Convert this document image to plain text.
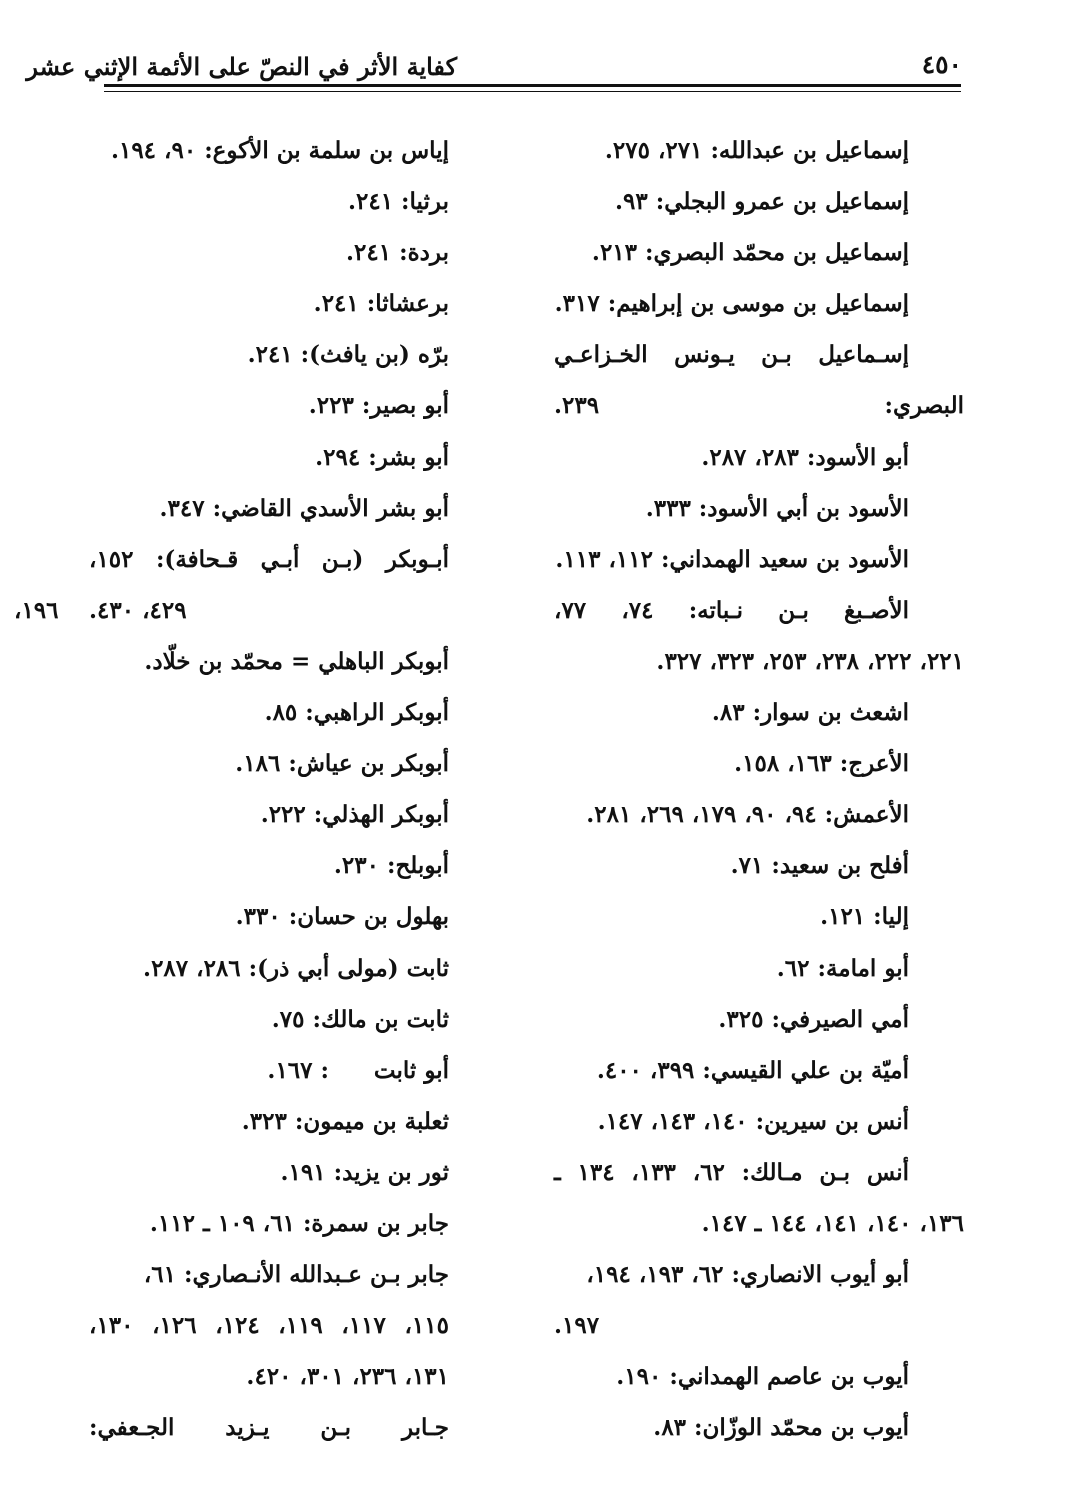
كفاية الأثر في النصّ على الأئمة الإثني عشر	٤٥٠
إسماعيل بن عبدالله: ٢٧١، ٢٧٥.
إسماعيل بن عمرو البجلي: ٩٣.
إسماعيل بن محمّد البصري: ٢١٣.
إسماعيل بن موسى بن إبراهيم: ٣١٧.
إسـماعيل بـن يـونس الخـزاعـي
البصري:
٢٣٩.
أبو الأسود: ٢٨٣، ٢٨٧.
الأسود بن أبي الأسود: ٣٣٣.
الأسود بن سعيد الهمداني: ١١٢، ١١٣.
الأصـبغ بـن نـباته: ٧٤، ٧٧،
٢٢١، ٢٢٢، ٢٣٨، ٢٥٣، ٣٢٣، ٣٢٧.
اشعث بن سوار: ٨٣.
الأعرج: ١٦٣، ١٥٨.
الأعمش: ٩٤، ٩٠، ١٧٩، ٢٦٩، ٢٨١.
أفلح بن سعيد: ٧١.
إليا: ١٢١.
أبو امامة: ٦٢.
أمي الصيرفي: ٣٢٥.
أميّة بن علي القيسي: ٣٩٩، ٤٠٠.
أنس بن سيرين: ١٤٠، ١٤٣، ١٤٧.
أنس بـن مـالك: ٦٢، ١٣٣، ١٣٤ ـ
١٣٦، ١٤٠، ١٤١، ١٤٤ ـ ١٤٧.
أبو أيوب الانصاري: ٦٢، ١٩٣، ١٩٤،
١٩٧.
أيوب بن عاصم الهمداني: ١٩٠.
أيوب بن محمّد الوزّان: ٨٣.
إياس بن سلمة بن الأكوع: ٩٠، ١٩٤.
برثيا: ٢٤١.
بردة: ٢٤١.
برعشاثا: ٢٤١.
برّه (بن يافث): ٢٤١.
أبو بصير: ٢٢٣.
أبو بشر: ٢٩٤.
أبو بشر الأسدي القاضي: ٣٤٧.
أبـوبكر (بـن أبـي قـحافة): ١٥٢،
١٩٦، ٤٢٩، ٤٣٠.
أبوبكر الباهلي = محمّد بن خلّاد.
أبوبكر الراهبي: ٨٥.
أبوبكر بن عياش: ١٨٦.
أبوبكر الهذلي: ٢٢٢.
أبوبلح: ٢٣٠.
بهلول بن حسان: ٣٣٠.
ثابت (مولى أبي ذر): ٢٨٦، ٢٨٧.
ثابت بن مالك: ٧٥.
أبو ثابت
: ١٦٧.
ثعلبة بن ميمون: ٣٢٣.
ثور بن يزيد: ١٩١.
جابر بن سمرة: ٦١، ١٠٩ ـ ١١٢.
جابر بـن عـبدالله الأنـصاري: ٦١،
١١٥، ١١٧، ١١٩، ١٢٤، ١٢٦، ١٣٠،
١٣١، ٢٣٦، ٣٠١، ٤٢٠.
جـابر بـن يـزيد الجـعفي:
